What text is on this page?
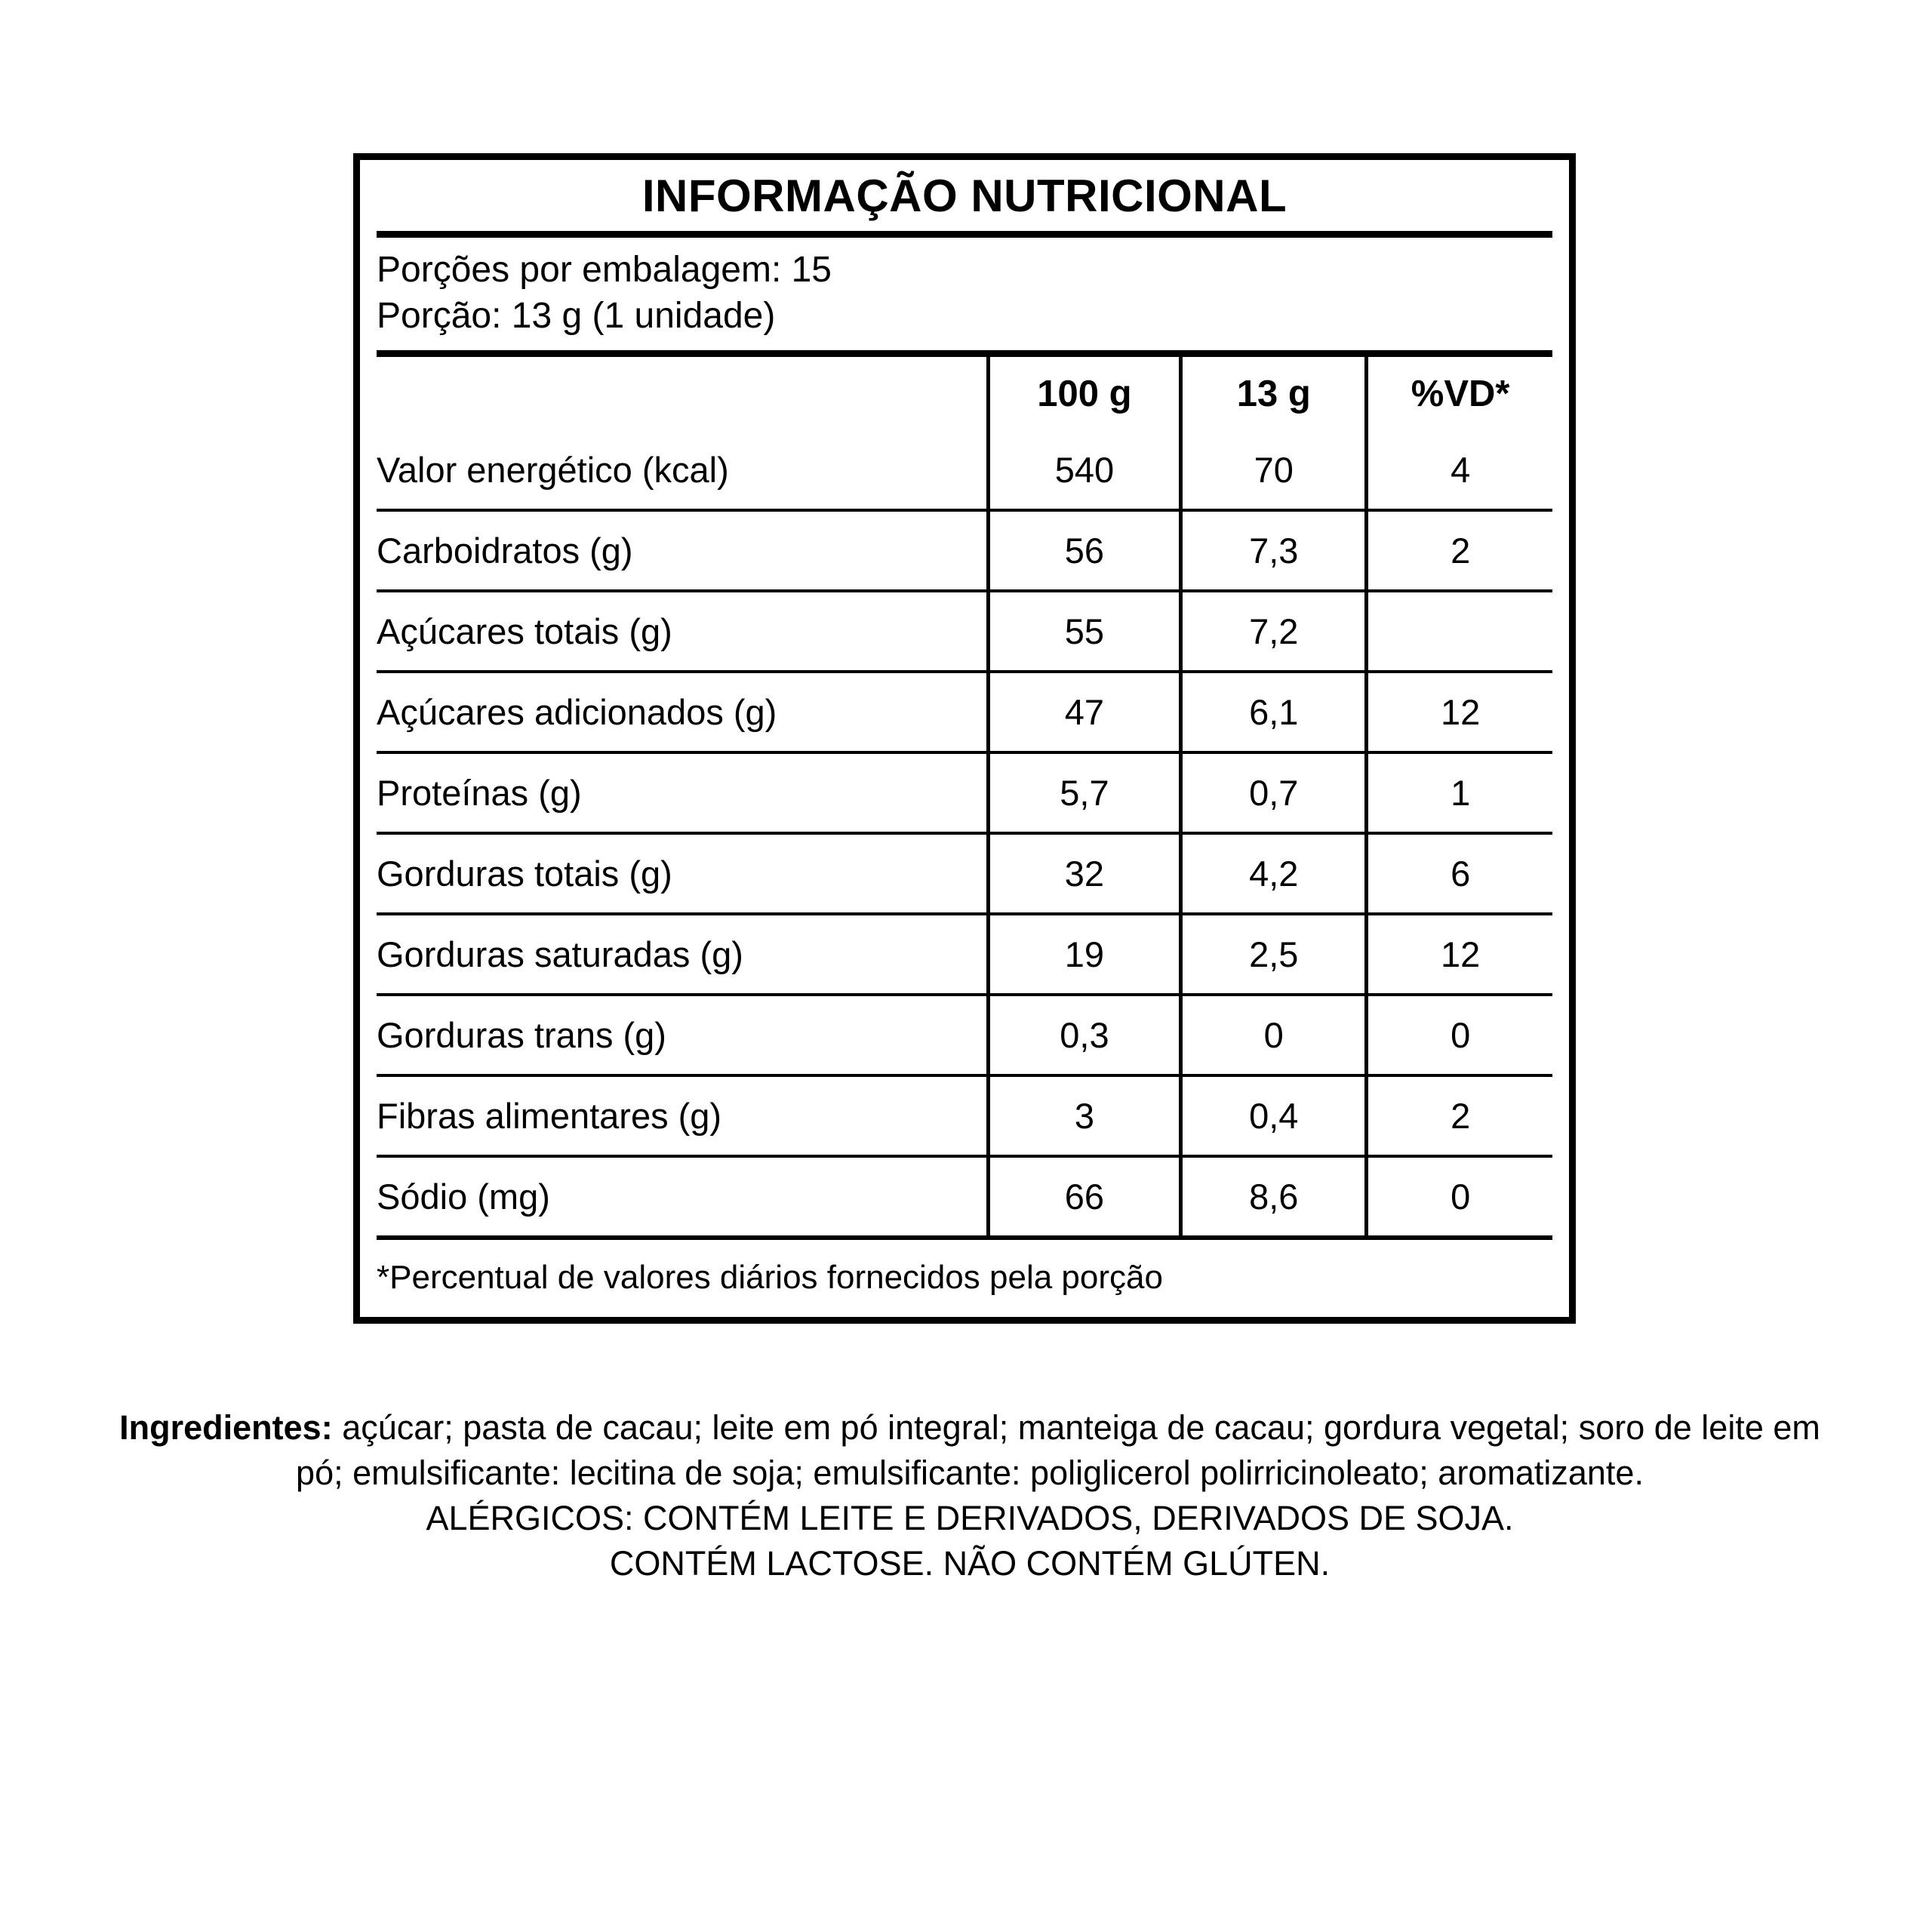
INFORMAÇÃO NUTRICIONAL
Porções por embalagem: 15
Porção: 13 g (1 unidade)
	100 g	13 g	%VD*
Valor energético (kcal)	540	70	4
Carboidratos (g)	56	7,3	2
Açúcares totais (g)	55	7,2	
Açúcares adicionados (g)	47	6,1	12
Proteínas (g)	5,7	0,7	1
Gorduras totais (g)	32	4,2	6
Gorduras saturadas (g)	19	2,5	12
Gorduras trans (g)	0,3	0	0
Fibras alimentares (g)	3	0,4	2
Sódio (mg)	66	8,6	0
*Percentual de valores diários fornecidos pela porção
Ingredientes: açúcar; pasta de cacau; leite em pó integral; manteiga de cacau; gordura vegetal; soro de leite em pó; emulsificante: lecitina de soja; emulsificante: poliglicerol polirricinoleato; aromatizante.
ALÉRGICOS: CONTÉM LEITE E DERIVADOS, DERIVADOS DE SOJA.
CONTÉM LACTOSE. NÃO CONTÉM GLÚTEN.
